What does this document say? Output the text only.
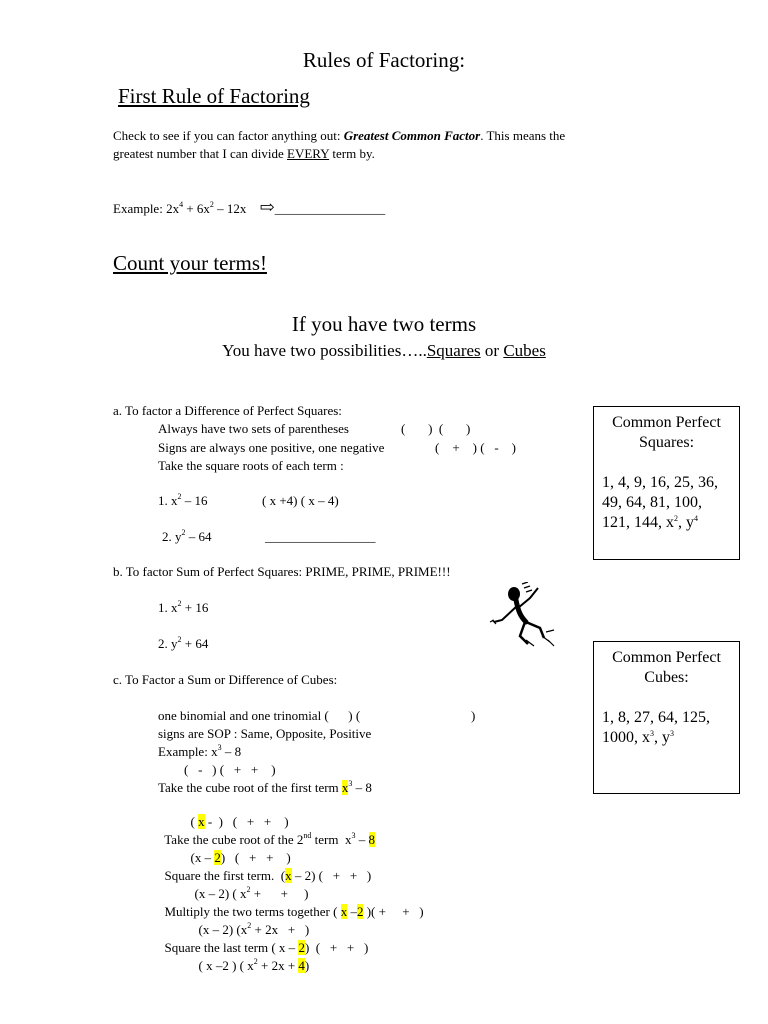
Rules of Factoring:
First Rule of Factoring
Check to see if you can factor anything out: Greatest Common Factor. This means the
greatest number that I can divide EVERY term by.
Example: $2x^4 + 6x^2 - 12x$ ⇨_________________
Count your terms!
If you have two terms
You have two possibilities…..Squares or Cubes
a. To factor a Difference of Perfect Squares:
Always have two sets of parentheses	(       )  (       )
Signs are always one positive, one negative	(    +    ) (   -    )
Take the square roots of each term :
1. $x^2 - 16$	( x +4) ( x – 4)
2. $y^2 - 64$	_________________
b. To factor Sum of Perfect Squares: PRIME, PRIME, PRIME!!!
1. $x^2 + 16$
2. $y^2 + 64$
c. To Factor a Sum or Difference of Cubes:
one binomial and one trinomial (      ) (	)
signs are SOP : Same, Opposite, Positive
Example: $x^3 - 8$
(   -   ) (   +   +    )
Take the cube root of the first term $x^3 - 8$

( x -  )   (   +   +    )

Take the cube root of the 2nd term  $x^3 - 8$

(x – 2)   (   +   +    )

Square the first term.  (x – 2) (   +   +   )

(x – 2) ( $x^2$ +      +     )

Multiply the two terms together ( x –2 )( +     +   )

(x – 2) ($x^2 + 2x$   +   )

Square the last term ( x – 2)  (   +   +   )

( x –2 ) ( $x^2 + 2x + 4$)

Common Perfect
Squares:
1, 4, 9, 16, 25, 36,
49, 64, 81, 100,
121, 144, $x^2$, $y^4$
Common Perfect
Cubes:
1, 8, 27, 64, 125,
1000, $x^3$, $y^3$
